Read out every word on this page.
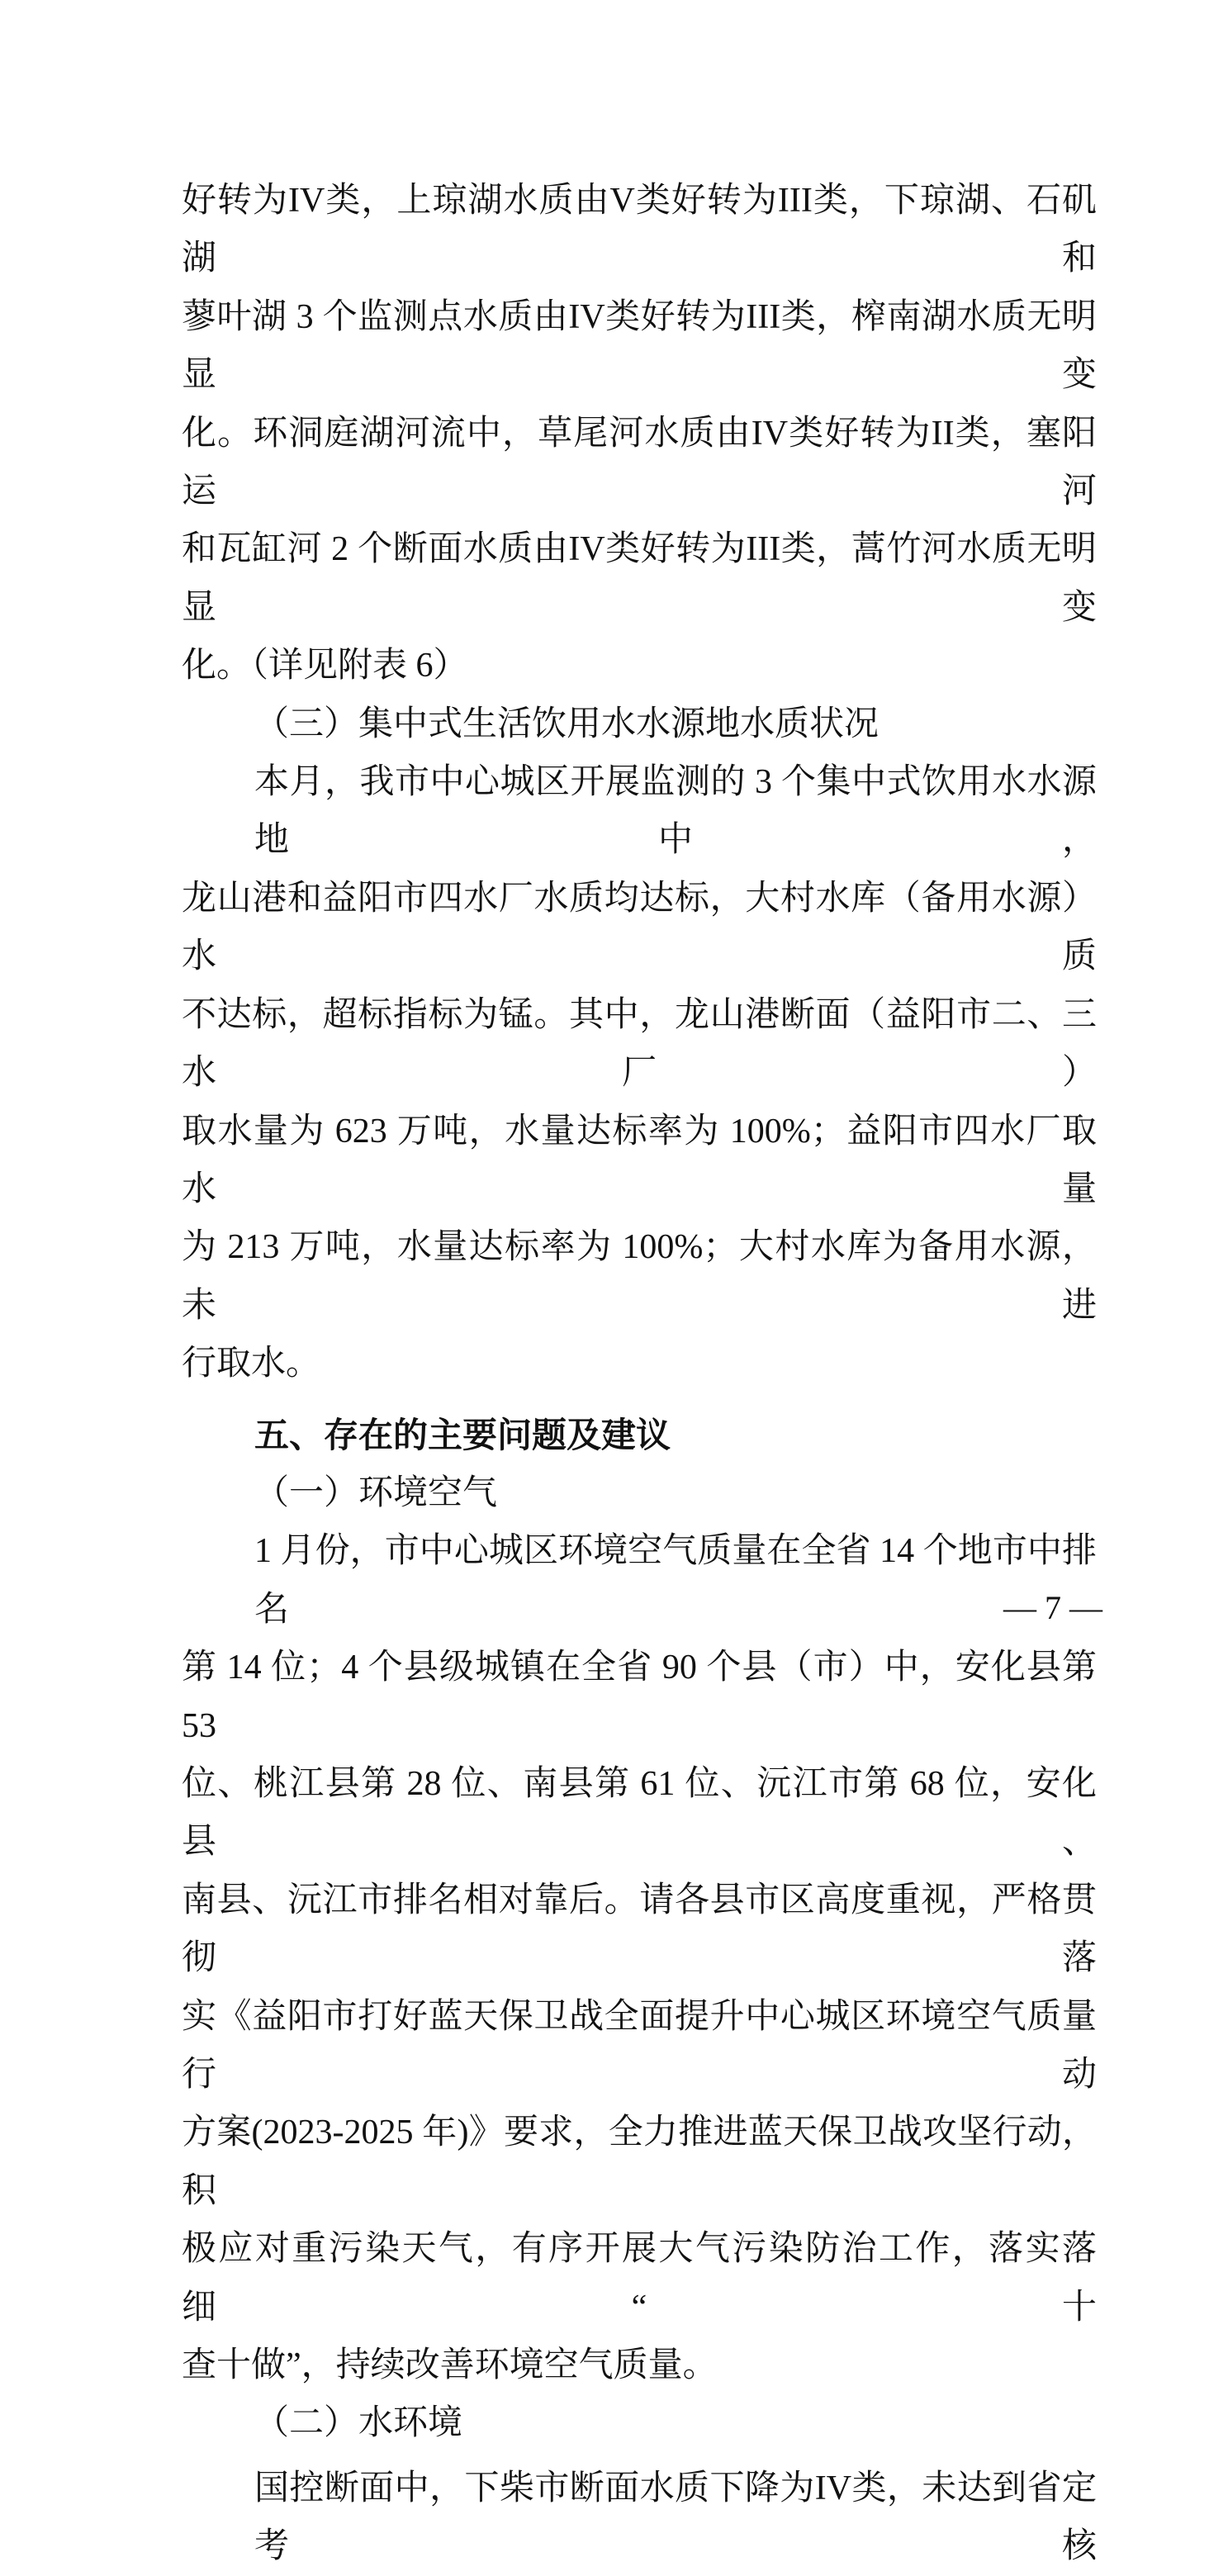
好转为IV类，上琼湖水质由V类好转为III类，下琼湖、石矶湖和
蓼叶湖 3 个监测点水质由IV类好转为III类，榨南湖水质无明显变
化。环洞庭湖河流中，草尾河水质由IV类好转为II类，塞阳运河
和瓦缸河 2 个断面水质由IV类好转为III类，蒿竹河水质无明显变
化。（详见附表 6）
（三）集中式生活饮用水水源地水质状况
本月，我市中心城区开展监测的 3 个集中式饮用水水源地中，
龙山港和益阳市四水厂水质均达标，大村水库（备用水源）水质
不达标，超标指标为锰。其中，龙山港断面（益阳市二、三水厂）
取水量为 623 万吨，水量达标率为 100%；益阳市四水厂取水量
为 213 万吨，水量达标率为 100%；大村水库为备用水源，未进
行取水。
五、存在的主要问题及建议
（一）环境空气
1 月份，市中心城区环境空气质量在全省 14 个地市中排名
第 14 位；4 个县级城镇在全省 90 个县（市）中，安化县第 53
位、桃江县第 28 位、南县第 61 位、沅江市第 68 位，安化县、
南县、沅江市排名相对靠后。请各县市区高度重视，严格贯彻落
实《益阳市打好蓝天保卫战全面提升中心城区环境空气质量行动
方案(2023-2025 年)》要求，全力推进蓝天保卫战攻坚行动，积
极应对重污染天气，有序开展大气污染防治工作，落实落细“十
查十做”，持续改善环境空气质量。
（二）水环境
国控断面中，下柴市断面水质下降为IV类，未达到省定考核
— 7 —
